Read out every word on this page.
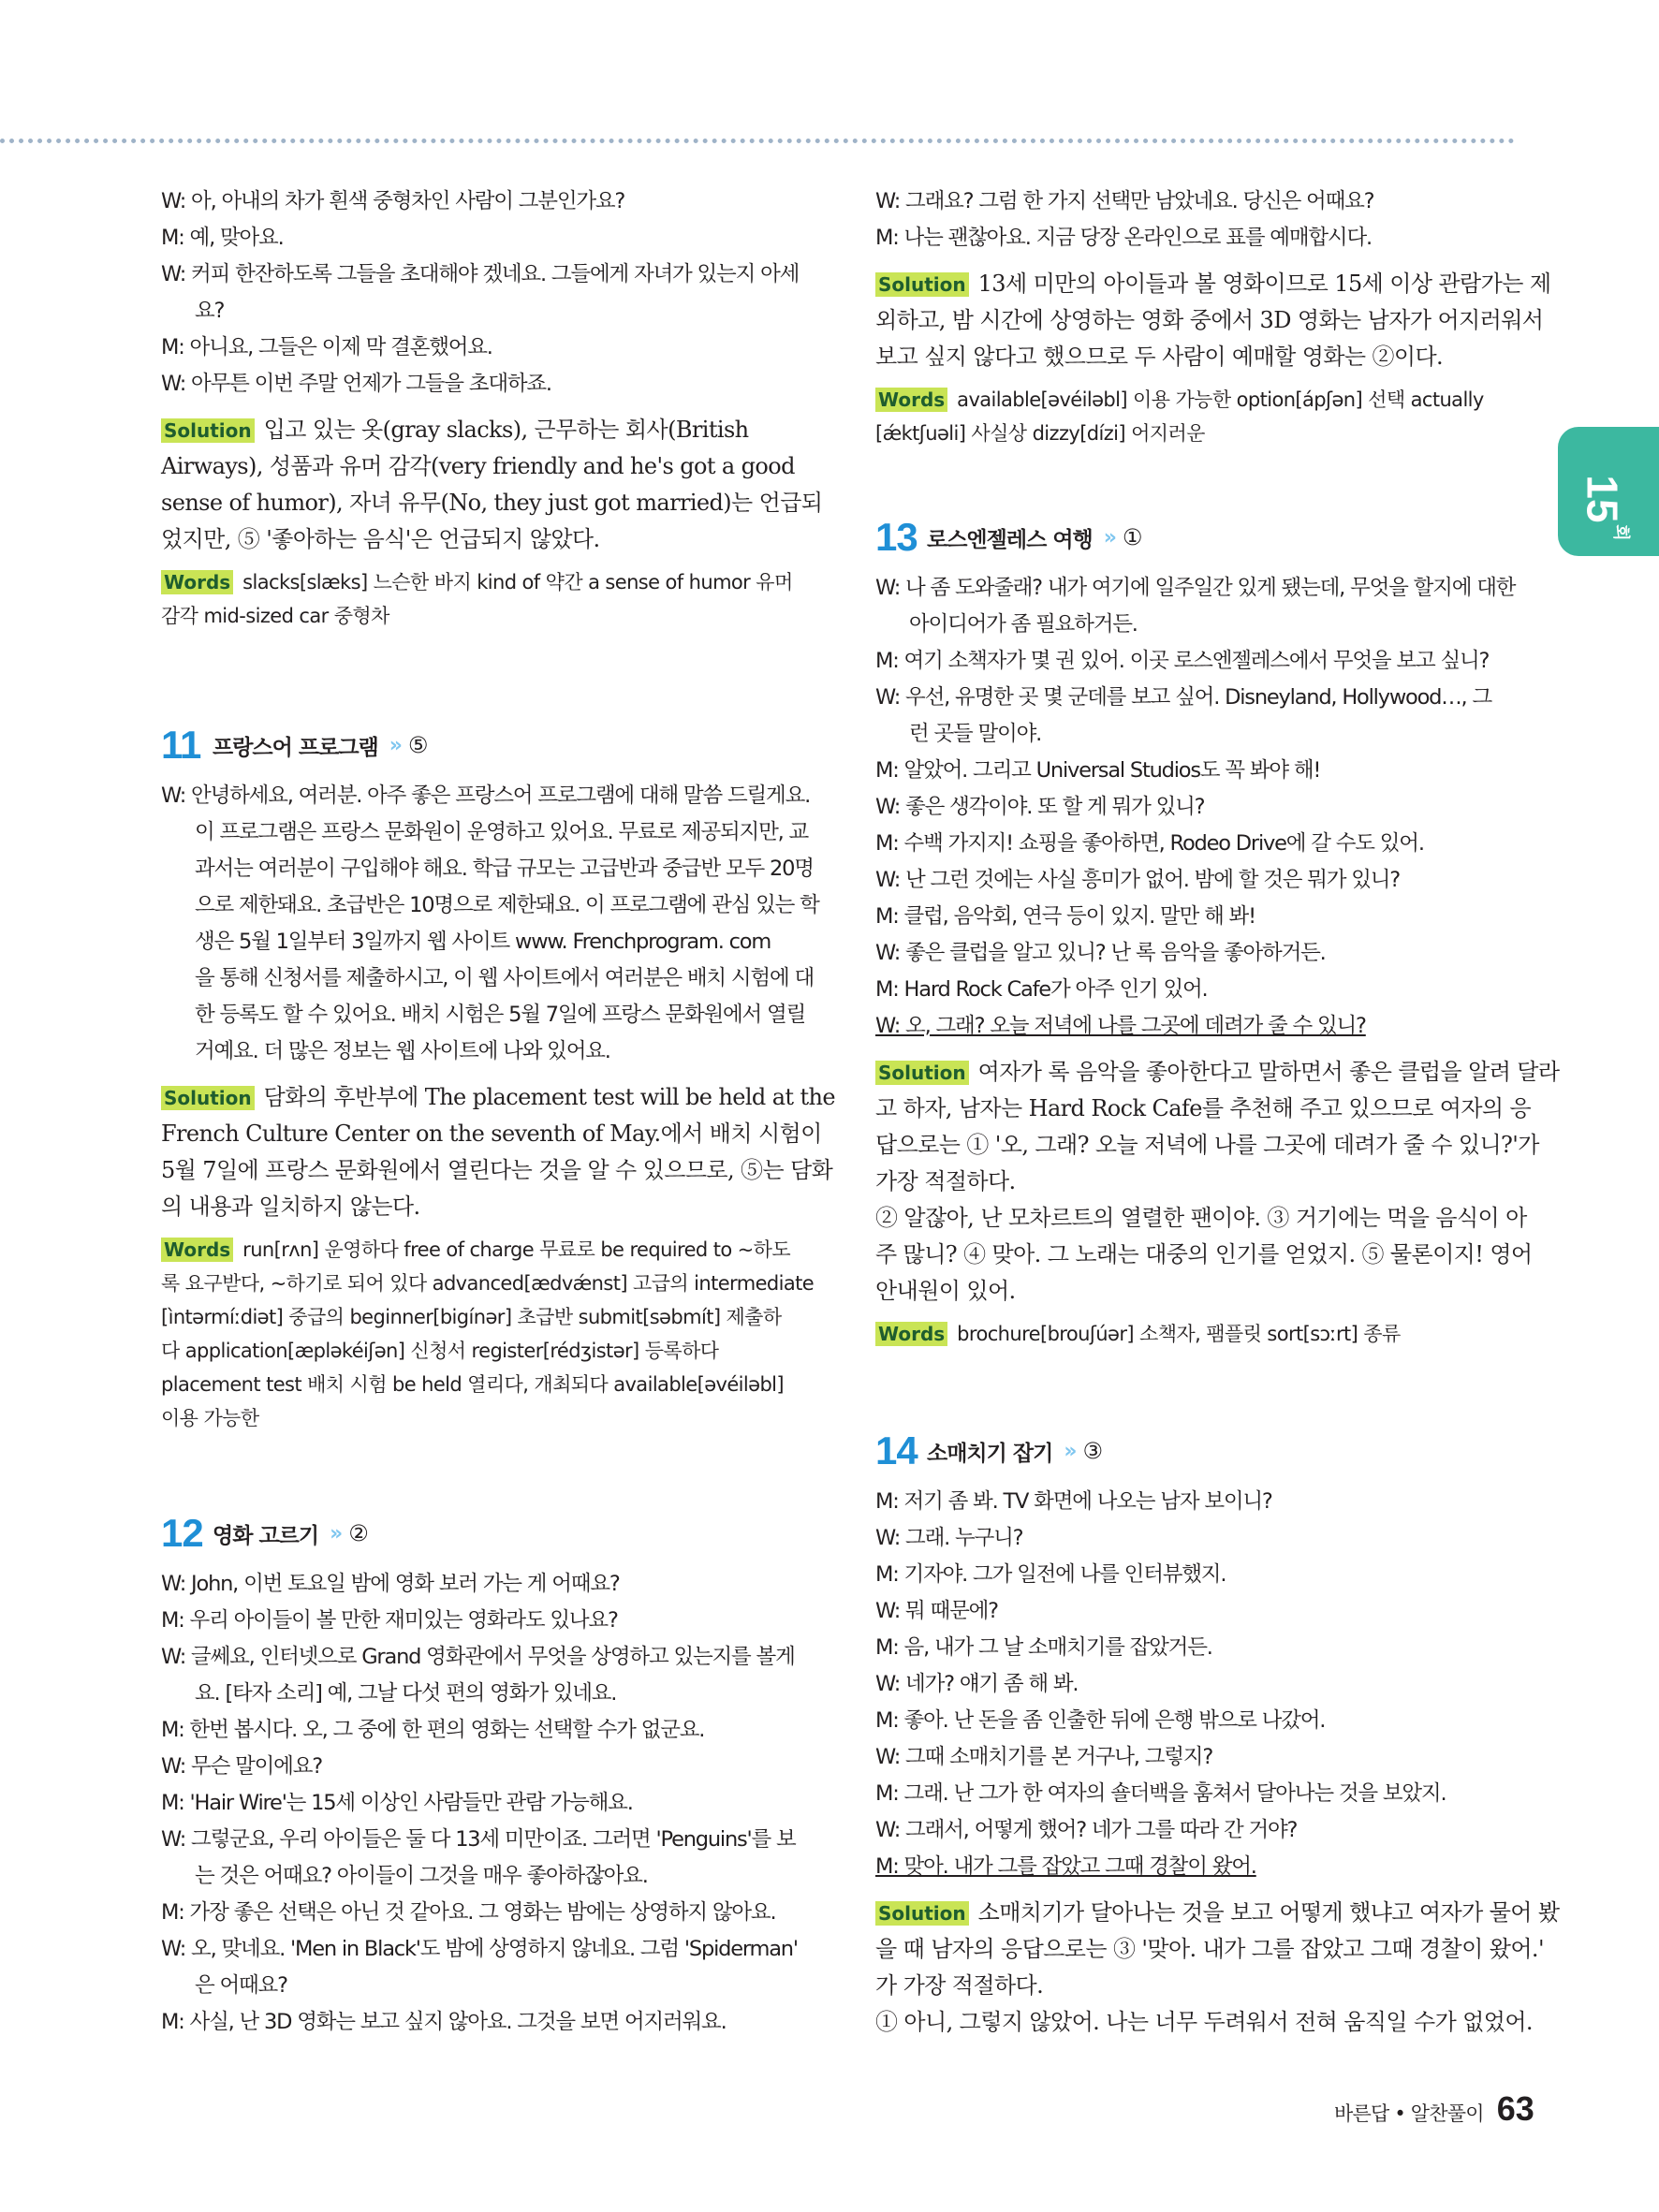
W: 아, 아내의 차가 흰색 중형차인 사람이 그분인가요?
M: 예, 맞아요.
W: 커피 한잔하도록 그들을 초대해야 겠네요. 그들에게 자녀가 있는지 아세
요?
M: 아니요, 그들은 이제 막 결혼했어요.
W: 아무튼 이번 주말 언제가 그들을 초대하죠.
Solution 입고 있는 옷(gray slacks), 근무하는 회사(British
Airways), 성품과 유머 감각(very friendly and he's got a good
sense of humor), 자녀 유무(No, they just got married)는 언급되
었지만, ⑤ '좋아하는 음식'은 언급되지 않았다.
Words slacks[slæks] 느슨한 바지 kind of 약간 a sense of humor 유머
감각 mid-sized car 중형차
11 프랑스어 프로그램 ›› ⑤
W: 안녕하세요, 여러분. 아주 좋은 프랑스어 프로그램에 대해 말씀 드릴게요.
이 프로그램은 프랑스 문화원이 운영하고 있어요. 무료로 제공되지만, 교
과서는 여러분이 구입해야 해요. 학급 규모는 고급반과 중급반 모두 20명
으로 제한돼요. 초급반은 10명으로 제한돼요. 이 프로그램에 관심 있는 학
생은 5월 1일부터 3일까지 웹 사이트 www. Frenchprogram. com
을 통해 신청서를 제출하시고, 이 웹 사이트에서 여러분은 배치 시험에 대
한 등록도 할 수 있어요. 배치 시험은 5월 7일에 프랑스 문화원에서 열릴
거예요. 더 많은 정보는 웹 사이트에 나와 있어요.
Solution 담화의 후반부에 The placement test will be held at the
French Culture Center on the seventh of May.에서 배치 시험이
5월 7일에 프랑스 문화원에서 열린다는 것을 알 수 있으므로, ⑤는 담화
의 내용과 일치하지 않는다.
Words run[rʌn] 운영하다 free of charge 무료로 be required to ~하도
록 요구받다, ~하기로 되어 있다 advanced[ædvǽnst] 고급의 intermediate
[ìntərmíːdiət] 중급의 beginner[bigínər] 초급반 submit[səbmít] 제출하
다 application[æpləkéiʃən] 신청서 register[rédʒistər] 등록하다
placement test 배치 시험 be held 열리다, 개최되다 available[əvéiləbl]
이용 가능한
12 영화 고르기 ›› ②
W: John, 이번 토요일 밤에 영화 보러 가는 게 어때요?
M: 우리 아이들이 볼 만한 재미있는 영화라도 있나요?
W: 글쎄요, 인터넷으로 Grand 영화관에서 무엇을 상영하고 있는지를 볼게
요. [타자 소리] 예, 그날 다섯 편의 영화가 있네요.
M: 한번 봅시다. 오, 그 중에 한 편의 영화는 선택할 수가 없군요.
W: 무슨 말이에요?
M: 'Hair Wire'는 15세 이상인 사람들만 관람 가능해요.
W: 그렇군요, 우리 아이들은 둘 다 13세 미만이죠. 그러면 'Penguins'를 보
는 것은 어때요? 아이들이 그것을 매우 좋아하잖아요.
M: 가장 좋은 선택은 아닌 것 같아요. 그 영화는 밤에는 상영하지 않아요.
W: 오, 맞네요. 'Men in Black'도 밤에 상영하지 않네요. 그럼 'Spiderman'
은 어때요?
M: 사실, 난 3D 영화는 보고 싶지 않아요. 그것을 보면 어지러워요.
W: 그래요? 그럼 한 가지 선택만 남았네요. 당신은 어때요?
M: 나는 괜찮아요. 지금 당장 온라인으로 표를 예매합시다.
Solution 13세 미만의 아이들과 볼 영화이므로 15세 이상 관람가는 제
외하고, 밤 시간에 상영하는 영화 중에서 3D 영화는 남자가 어지러워서
보고 싶지 않다고 했으므로 두 사람이 예매할 영화는 ②이다.
Words available[əvéiləbl] 이용 가능한 option[ápʃən] 선택 actually
[ǽktʃuəli] 사실상 dizzy[dízi] 어지러운
13 로스엔젤레스 여행 ›› ①
W: 나 좀 도와줄래? 내가 여기에 일주일간 있게 됐는데, 무엇을 할지에 대한
아이디어가 좀 필요하거든.
M: 여기 소책자가 몇 권 있어. 이곳 로스엔젤레스에서 무엇을 보고 싶니?
W: 우선, 유명한 곳 몇 군데를 보고 싶어. Disneyland, Hollywood…, 그
런 곳들 말이야.
M: 알았어. 그리고 Universal Studios도 꼭 봐야 해!
W: 좋은 생각이야. 또 할 게 뭐가 있니?
M: 수백 가지지! 쇼핑을 좋아하면, Rodeo Drive에 갈 수도 있어.
W: 난 그런 것에는 사실 흥미가 없어. 밤에 할 것은 뭐가 있니?
M: 클럽, 음악회, 연극 등이 있지. 말만 해 봐!
W: 좋은 클럽을 알고 있니? 난 록 음악을 좋아하거든.
M: Hard Rock Cafe가 아주 인기 있어.
W: 오, 그래? 오늘 저녁에 나를 그곳에 데려가 줄 수 있니?
Solution 여자가 록 음악을 좋아한다고 말하면서 좋은 클럽을 알려 달라
고 하자, 남자는 Hard Rock Cafe를 추천해 주고 있으므로 여자의 응
답으로는 ① '오, 그래? 오늘 저녁에 나를 그곳에 데려가 줄 수 있니?'가
가장 적절하다.
② 알잖아, 난 모차르트의 열렬한 팬이야. ③ 거기에는 먹을 음식이 아
주 많니? ④ 맞아. 그 노래는 대중의 인기를 얻었지. ⑤ 물론이지! 영어
안내원이 있어.
Words brochure[brouʃúər] 소책자, 팸플릿 sort[sɔːrt] 종류
14 소매치기 잡기 ›› ③
M: 저기 좀 봐. TV 화면에 나오는 남자 보이니?
W: 그래. 누구니?
M: 기자야. 그가 일전에 나를 인터뷰했지.
W: 뭐 때문에?
M: 음, 내가 그 날 소매치기를 잡았거든.
W: 네가? 얘기 좀 해 봐.
M: 좋아. 난 돈을 좀 인출한 뒤에 은행 밖으로 나갔어.
W: 그때 소매치기를 본 거구나, 그렇지?
M: 그래. 난 그가 한 여자의 숄더백을 훔쳐서 달아나는 것을 보았지.
W: 그래서, 어떻게 했어? 네가 그를 따라 간 거야?
M: 맞아. 내가 그를 잡았고 그때 경찰이 왔어.
Solution 소매치기가 달아나는 것을 보고 어떻게 했냐고 여자가 물어 봤
을 때 남자의 응답으로는 ③ '맞아. 내가 그를 잡았고 그때 경찰이 왔어.'
가 가장 적절하다.
① 아니, 그렇지 않았어. 나는 너무 두려워서 전혀 움직일 수가 없었어.
15
회
바른답 • 알찬풀이 63
